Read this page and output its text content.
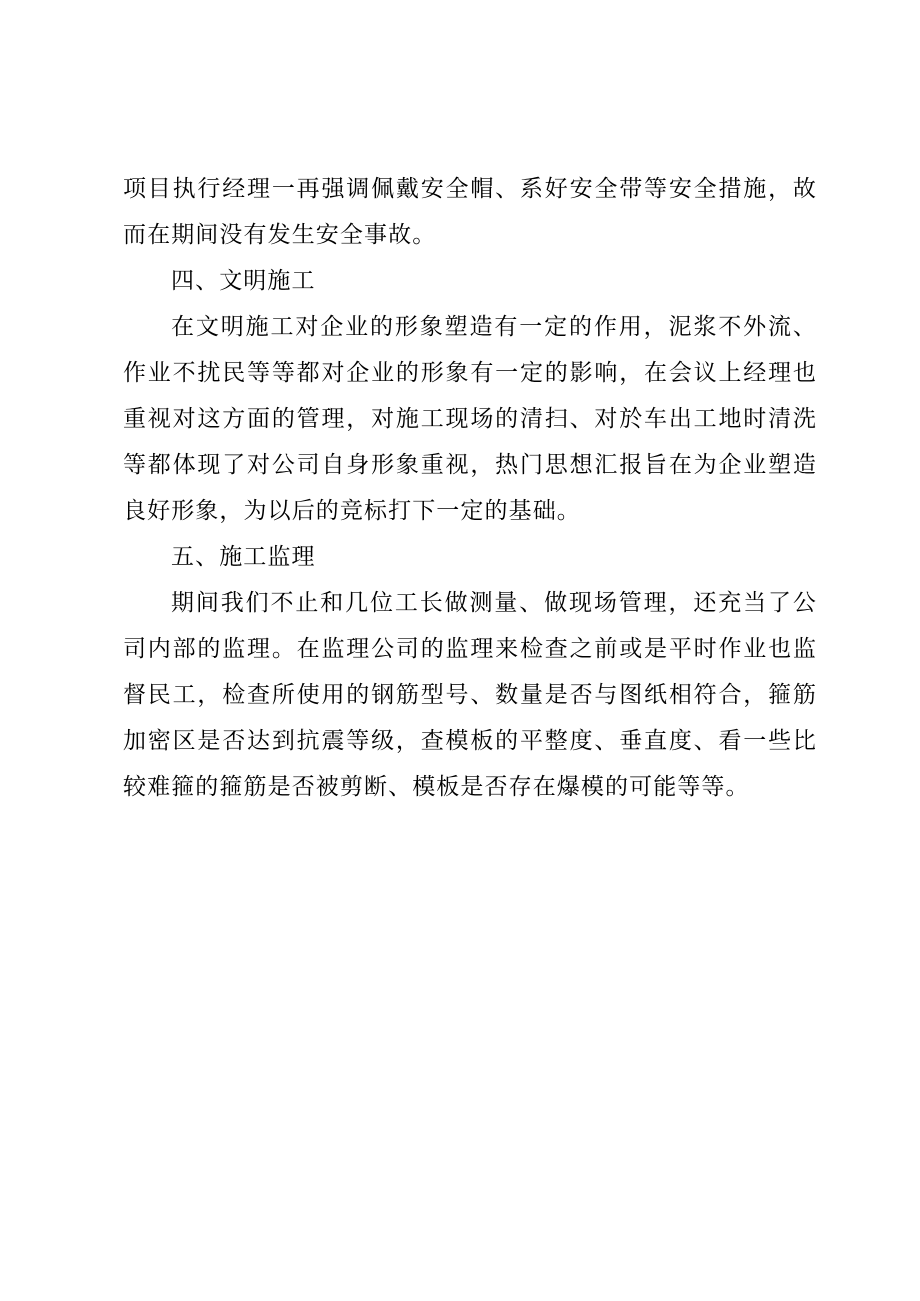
项目执行经理一再强调佩戴安全帽、系好安全带等安全措施，故而在期间没有发生安全事故。

四、文明施工

在文明施工对企业的形象塑造有一定的作用，泥浆不外流、作业不扰民等等都对企业的形象有一定的影响，在会议上经理也重视对这方面的管理，对施工现场的清扫、对於车出工地时清洗等都体现了对公司自身形象重视，热门思想汇报旨在为企业塑造良好形象，为以后的竞标打下一定的基础。

五、施工监理

期间我们不止和几位工长做测量、做现场管理，还充当了公司内部的监理。在监理公司的监理来检查之前或是平时作业也监督民工，检查所使用的钢筋型号、数量是否与图纸相符合，箍筋加密区是否达到抗震等级，查模板的平整度、垂直度、看一些比较难箍的箍筋是否被剪断、模板是否存在爆模的可能等等。
